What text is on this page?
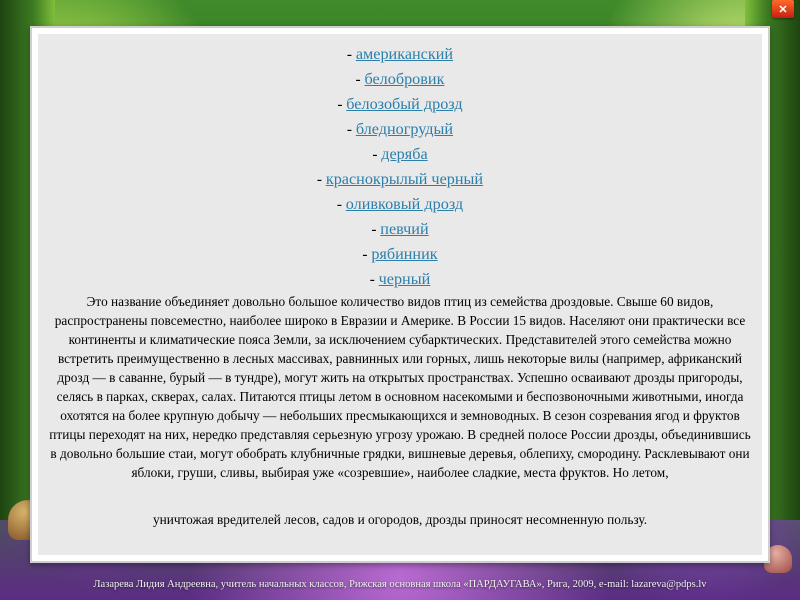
✕
- американский
- белобровик
- белозобый дрозд
- бледногрудый
- деряба
- краснокрылый черный
- оливковый дрозд
- певчий
- рябинник
- черный

Это название объединяет довольно большое количество видов птиц из семейства дроздовые. Свыше 60 видов, распространены повсеместно, наиболее широко в Евразии и Америке. В России 15 видов. Населяют они практически все континенты и климатические пояса Земли, за исключением субарктических. Представителей этого семейства можно встретить преимущественно в лесных массивах, равнинных или горных, лишь некоторые вилы (например, африканский дрозд — в саванне, бурый — в тундре), могут жить на открытых пространствах. Успешно осваивают дрозды пригороды, селясь в парках, скверах, салах. Питаются птицы летом в основном насекомыми и беспозвоночными животными, иногда охотятся на более крупную добычу — небольших пресмыкающихся и земноводных. В сезон созревания ягод и фруктов птицы переходят на них, нередко представляя серьезную угрозу урожаю. В средней полосе России дрозды, объединившись в довольно большие стаи, могут обобрать клубничные грядки, вишневые деревья, облепиху, смородину. Расклевывают они яблоки, груши, сливы, выбирая уже «созревшие», наиболее сладкие, места фруктов. Но летом,

уничтожая вредителей лесов, садов и огородов, дрозды приносят несомненную пользу.

Лазарева Лидия Андреевна, учитель начальных классов, Рижская основная школа «ПАРДАУГАВА», Рига, 2009, e-mail: lazareva@pdps.lv
